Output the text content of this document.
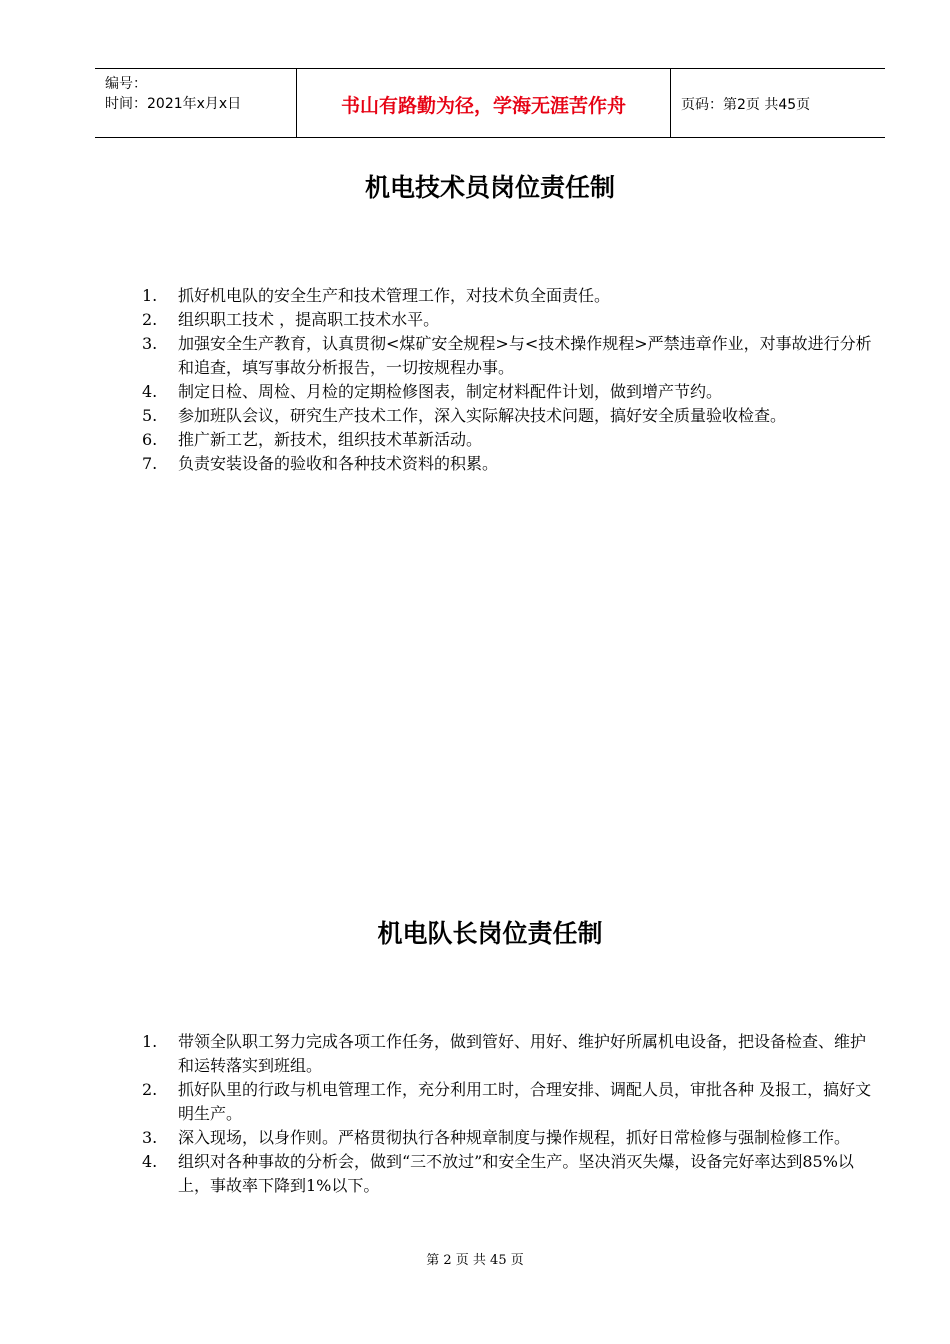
编号：
时间：2021年x月x日	书山有路勤为径，学海无涯苦作舟	页码：第2页 共45页
机电技术员岗位责任制
1. 抓好机电队的安全生产和技术管理工作，对技术负全面责任。
2. 组织职工技术 ，提高职工技术水平。
3. 加强安全生产教育，认真贯彻<煤矿安全规程>与<技术操作规程>严禁违章作业，对事故进行分析和追查，填写事故分析报告，一切按规程办事。
4. 制定日检、周检、月检的定期检修图表，制定材料配件计划，做到增产节约。
5. 参加班队会议，研究生产技术工作，深入实际解决技术问题，搞好安全质量验收检查。
6. 推广新工艺，新技术，组织技术革新活动。
7. 负责安装设备的验收和各种技术资料的积累。
机电队长岗位责任制
1. 带领全队职工努力完成各项工作任务，做到管好、用好、维护好所属机电设备，把设备检查、维护和运转落实到班组。
2. 抓好队里的行政与机电管理工作，充分利用工时，合理安排、调配人员，审批各种 及报工，搞好文明生产。
3. 深入现场，以身作则。严格贯彻执行各种规章制度与操作规程，抓好日常检修与强制检修工作。
4. 组织对各种事故的分析会，做到“三不放过”和安全生产。坚决消灭失爆，设备完好率达到85%以上，事故率下降到1%以下。
第 2 页 共 45 页
